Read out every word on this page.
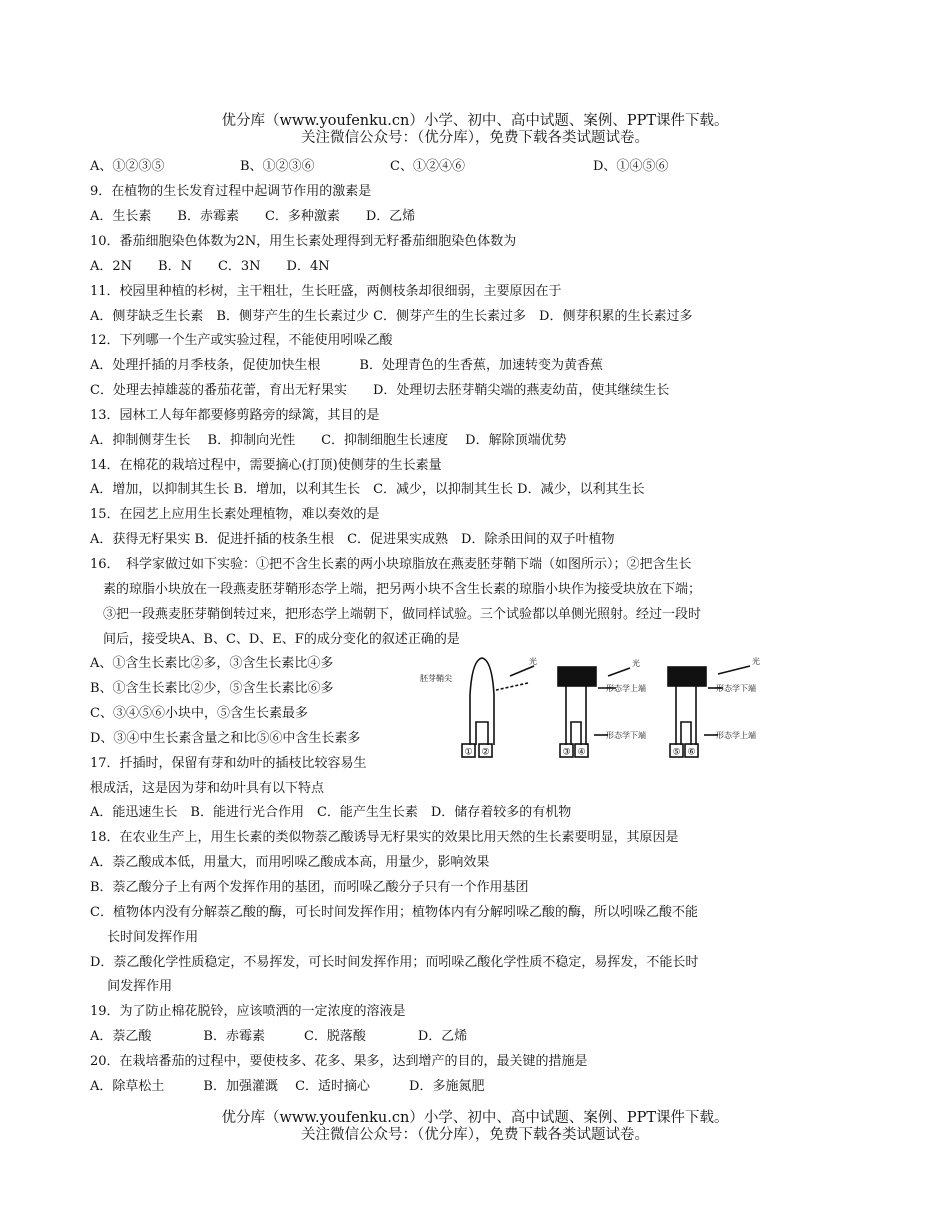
优分库（www.youfenku.cn）小学、初中、高中试题、案例、PPT课件下载。
关注微信公众号：（优分库），免费下载各类试题试卷。
A、①②③⑤	B、①②③⑥	C、①②④⑥	D、①④⑤⑥
9．在植物的生长发育过程中起调节作用的激素是
A．生长素　　B．赤霉素　　C．多种激素　　D．乙烯
10．番茄细胞染色体数为2N，用生长素处理得到无籽番茄细胞染色体数为
A．2N　　B．N　　C．3N　　D．4N
11．校园里种植的杉树，主干粗壮，生长旺盛，两侧枝条却很细弱，主要原因在于
A．侧芽缺乏生长素　B．侧芽产生的生长素过少 C．侧芽产生的生长素过多　D．侧芽积累的生长素过多
12．下列哪一个生产或实验过程，不能使用吲哚乙酸
A．处理扦插的月季枝条，促使加快生根　　　B．处理青色的生香蕉，加速转变为黄香蕉
C．处理去掉雄蕊的番茄花蕾，育出无籽果实　　D．处理切去胚芽鞘尖端的燕麦幼苗，使其继续生长
13．园林工人每年都要修剪路旁的绿篱，其目的是
A．抑制侧芽生长　 B．抑制向光性　　C．抑制细胞生长速度　 D．解除顶端优势
14．在棉花的栽培过程中，需要摘心(打顶)使侧芽的生长素量
A．增加，以抑制其生长 B．增加，以利其生长　C．减少，以抑制其生长 D．减少，以利其生长
15．在园艺上应用生长素处理植物，难以奏效的是
A．获得无籽果实 B．促进扦插的枝条生根　C．促进果实成熟　D．除杀田间的双子叶植物
16．　科学家做过如下实验：①把不含生长素的两小块琼脂放在燕麦胚芽鞘下端（如图所示）；②把含生长
　素的琼脂小块放在一段燕麦胚芽鞘形态学上端，把另两小块不含生长素的琼脂小块作为接受块放在下端；
　③把一段燕麦胚芽鞘倒转过来，把形态学上端朝下，做同样试验。三个试验都以单侧光照射。经过一段时
　间后，接受块A、B、C、D、E、F的成分变化的叙述正确的是
A、①含生长素比②多，③含生长素比④多
B、①含生长素比②少，⑤含生长素比⑥多
C、③④⑤⑥小块中，⑤含生长素最多
D、③④中生长素含量之和比⑤⑥中含生长素多
17．扦插时，保留有芽和幼叶的插枝比较容易生
根成活，这是因为芽和幼叶具有以下特点
A．能迅速生长　B．能进行光合作用　C．能产生生长素　D．储存着较多的有机物
18．在农业生产上，用生长素的类似物萘乙酸诱导无籽果实的效果比用天然的生长素要明显，其原因是
A．萘乙酸成本低，用量大，而用吲哚乙酸成本高，用量少，影响效果
B．萘乙酸分子上有两个发挥作用的基团，而吲哚乙酸分子只有一个作用基团
C．植物体内没有分解萘乙酸的酶，可长时间发挥作用；植物体内有分解吲哚乙酸的酶，所以吲哚乙酸不能
　 长时间发挥作用
D．萘乙酸化学性质稳定，不易挥发，可长时间发挥作用；而吲哚乙酸化学性质不稳定，易挥发，不能长时
　 间发挥作用
19．为了防止棉花脱铃，应该喷洒的一定浓度的溶液是
A．萘乙酸　　　　B．赤霉素　　　C．脱落酸　　　　D．乙烯
20．在栽培番茄的过程中，要使枝多、花多、果多，达到增产的目的，最关键的措施是
A．除草松土　　　B．加强灌溉　 C．适时摘心　　　D．多施氮肥
胚芽鞘尖
光	光	光
形态学上端
形态学下端
形态学下端
形态学上端
① ②	③ ④	⑤ ⑥
优分库（www.youfenku.cn）小学、初中、高中试题、案例、PPT课件下载。
关注微信公众号：（优分库），免费下载各类试题试卷。
